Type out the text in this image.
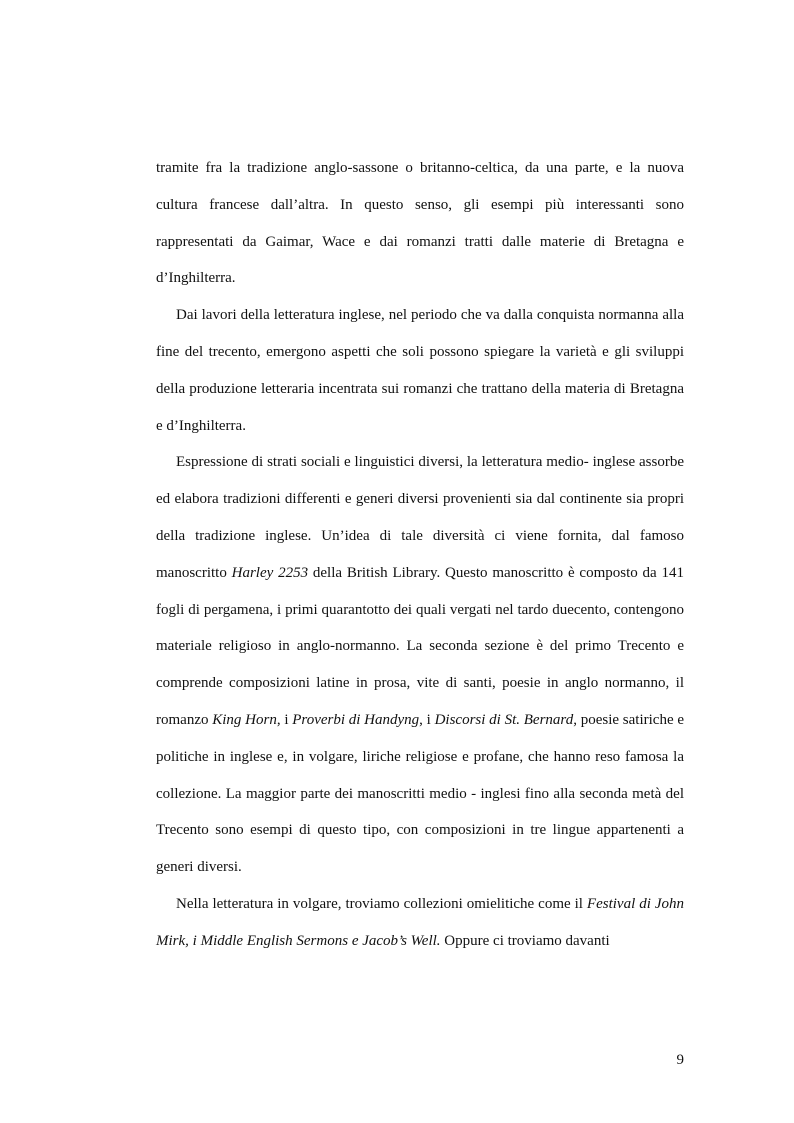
tramite fra la tradizione anglo-sassone o britanno-celtica, da una parte, e la nuova cultura francese dall’altra. In questo senso, gli esempi più interessanti sono rappresentati da Gaimar, Wace e dai romanzi tratti dalle materie di Bretagna e d’Inghilterra.

Dai lavori della letteratura inglese, nel periodo che va dalla conquista normanna alla fine del trecento, emergono aspetti che soli possono spiegare la varietà e gli sviluppi della produzione letteraria incentrata sui romanzi che trattano della materia di Bretagna e d’Inghilterra.

Espressione di strati sociali e linguistici diversi, la letteratura medio- inglese assorbe ed elabora tradizioni differenti e generi diversi provenienti sia dal continente sia propri della tradizione inglese. Un’idea di tale diversità ci viene fornita, dal famoso manoscritto Harley 2253 della British Library. Questo manoscritto è composto da 141 fogli di pergamena, i primi quarantotto dei quali vergati nel tardo duecento, contengono materiale religioso in anglo-normanno. La seconda sezione è del primo Trecento e comprende composizioni latine in prosa, vite di santi, poesie in anglo normanno, il romanzo King Horn, i Proverbi di Handyng, i Discorsi di St. Bernard, poesie satiriche e politiche in inglese e, in volgare, liriche religiose e profane, che hanno reso famosa la collezione. La maggior parte dei manoscritti medio - inglesi fino alla seconda metà del Trecento sono esempi di questo tipo, con composizioni in tre lingue appartenenti a generi diversi.

Nella letteratura in volgare, troviamo collezioni omielitiche come il Festival di John Mirk, i Middle English Sermons e Jacob’s Well. Oppure ci troviamo davanti

9
